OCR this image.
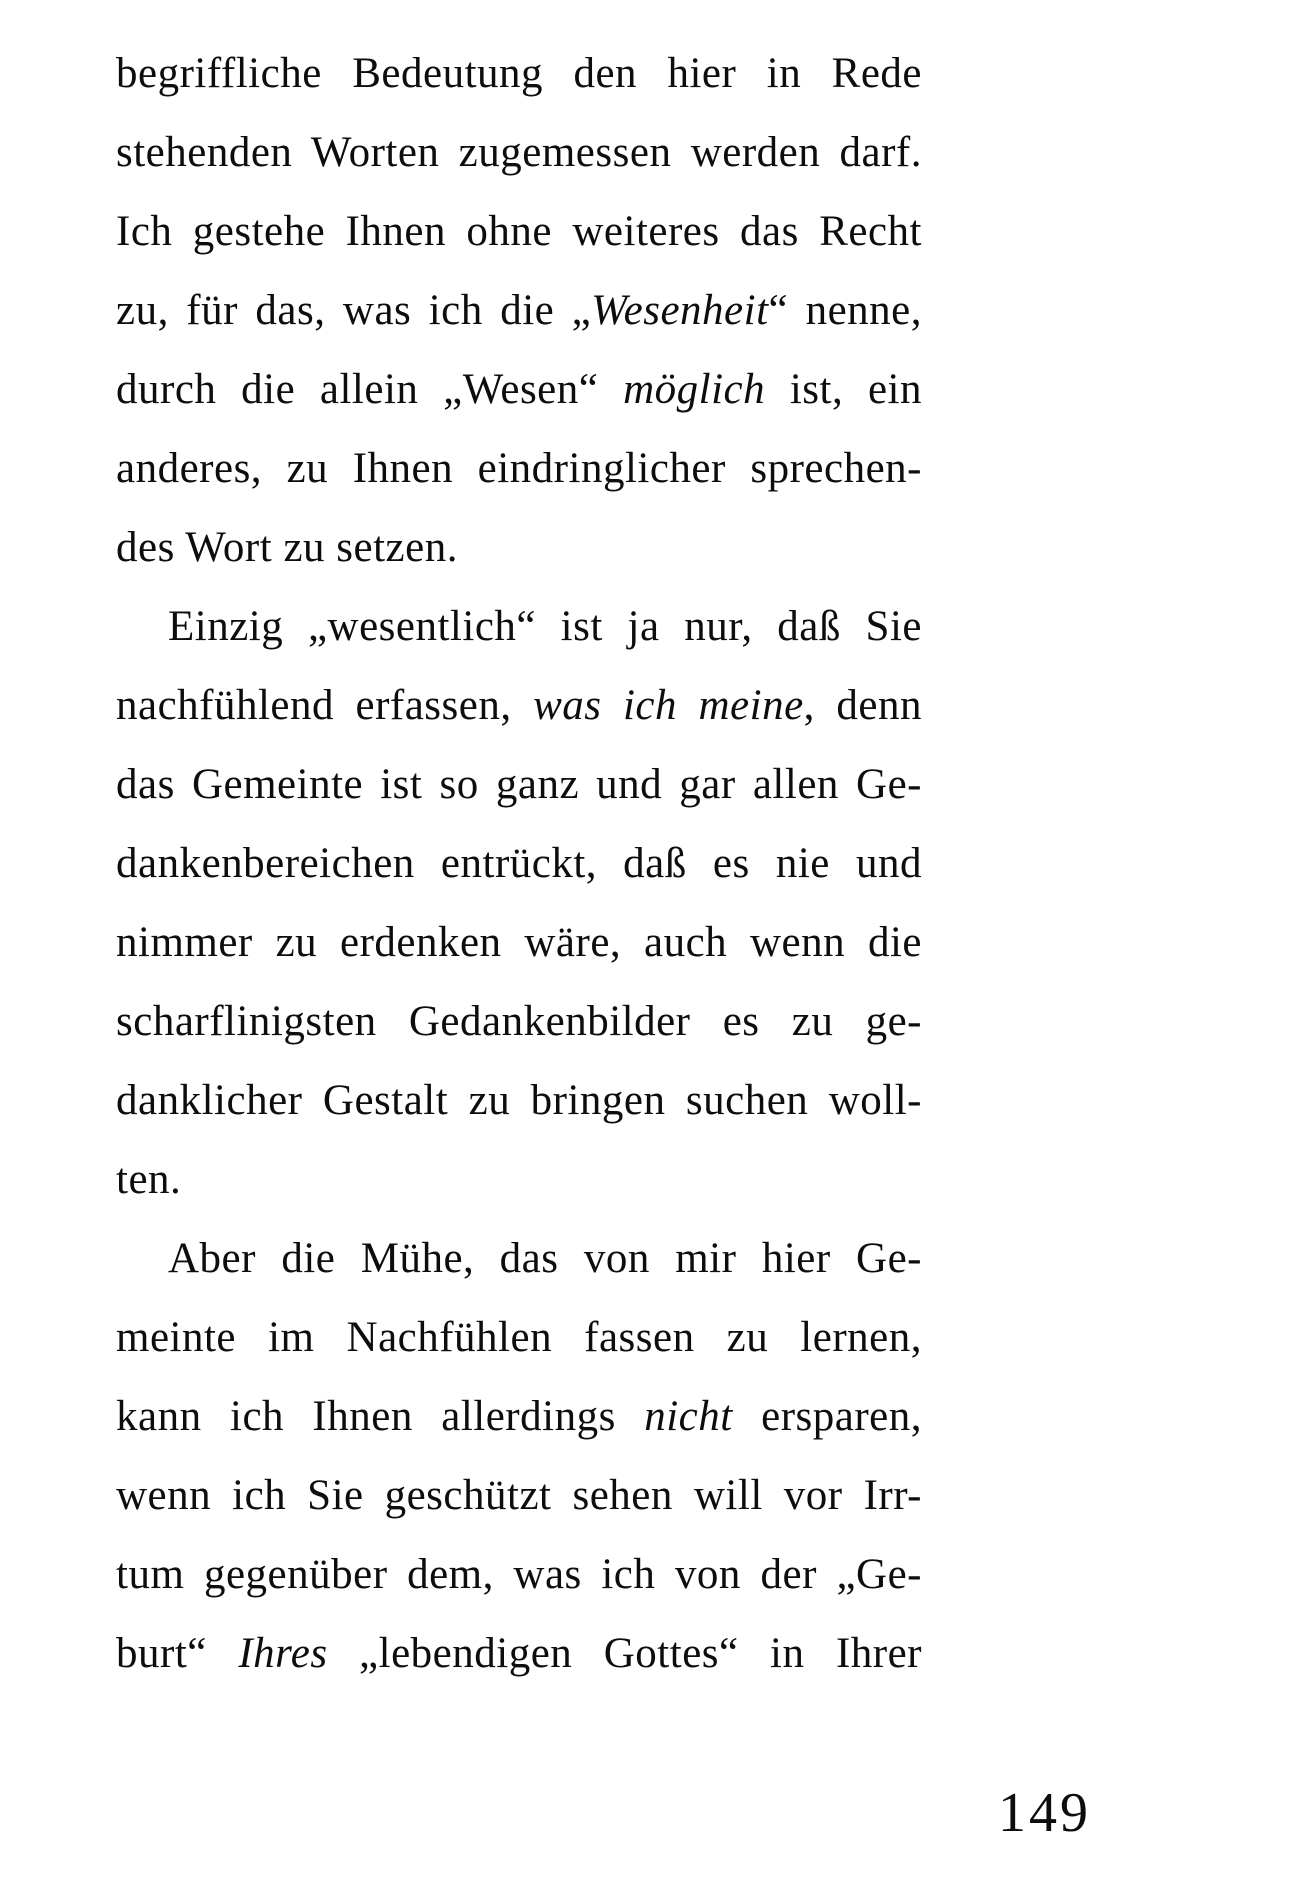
begriffliche Bedeutung den hier in Rede
stehenden Worten zugemessen werden darf.
Ich gestehe Ihnen ohne weiteres das Recht
zu, für das, was ich die „Wesenheit“ nenne,
durch die allein „Wesen“ möglich ist, ein
anderes, zu Ihnen eindringlicher sprechen-
des Wort zu setzen.
Einzig „wesentlich“ ist ja nur, daß Sie
nachfühlend erfassen, was ich meine, denn
das Gemeinte ist so ganz und gar allen Ge-
dankenbereichen entrückt, daß es nie und
nimmer zu erdenken wäre, auch wenn die
scharflinigsten Gedankenbilder es zu ge-
danklicher Gestalt zu bringen suchen woll-
ten.
Aber die Mühe, das von mir hier Ge-
meinte im Nachfühlen fassen zu lernen,
kann ich Ihnen allerdings nicht ersparen,
wenn ich Sie geschützt sehen will vor Irr-
tum gegenüber dem, was ich von der „Ge-
burt“ Ihres „lebendigen Gottes“ in Ihrer
149
